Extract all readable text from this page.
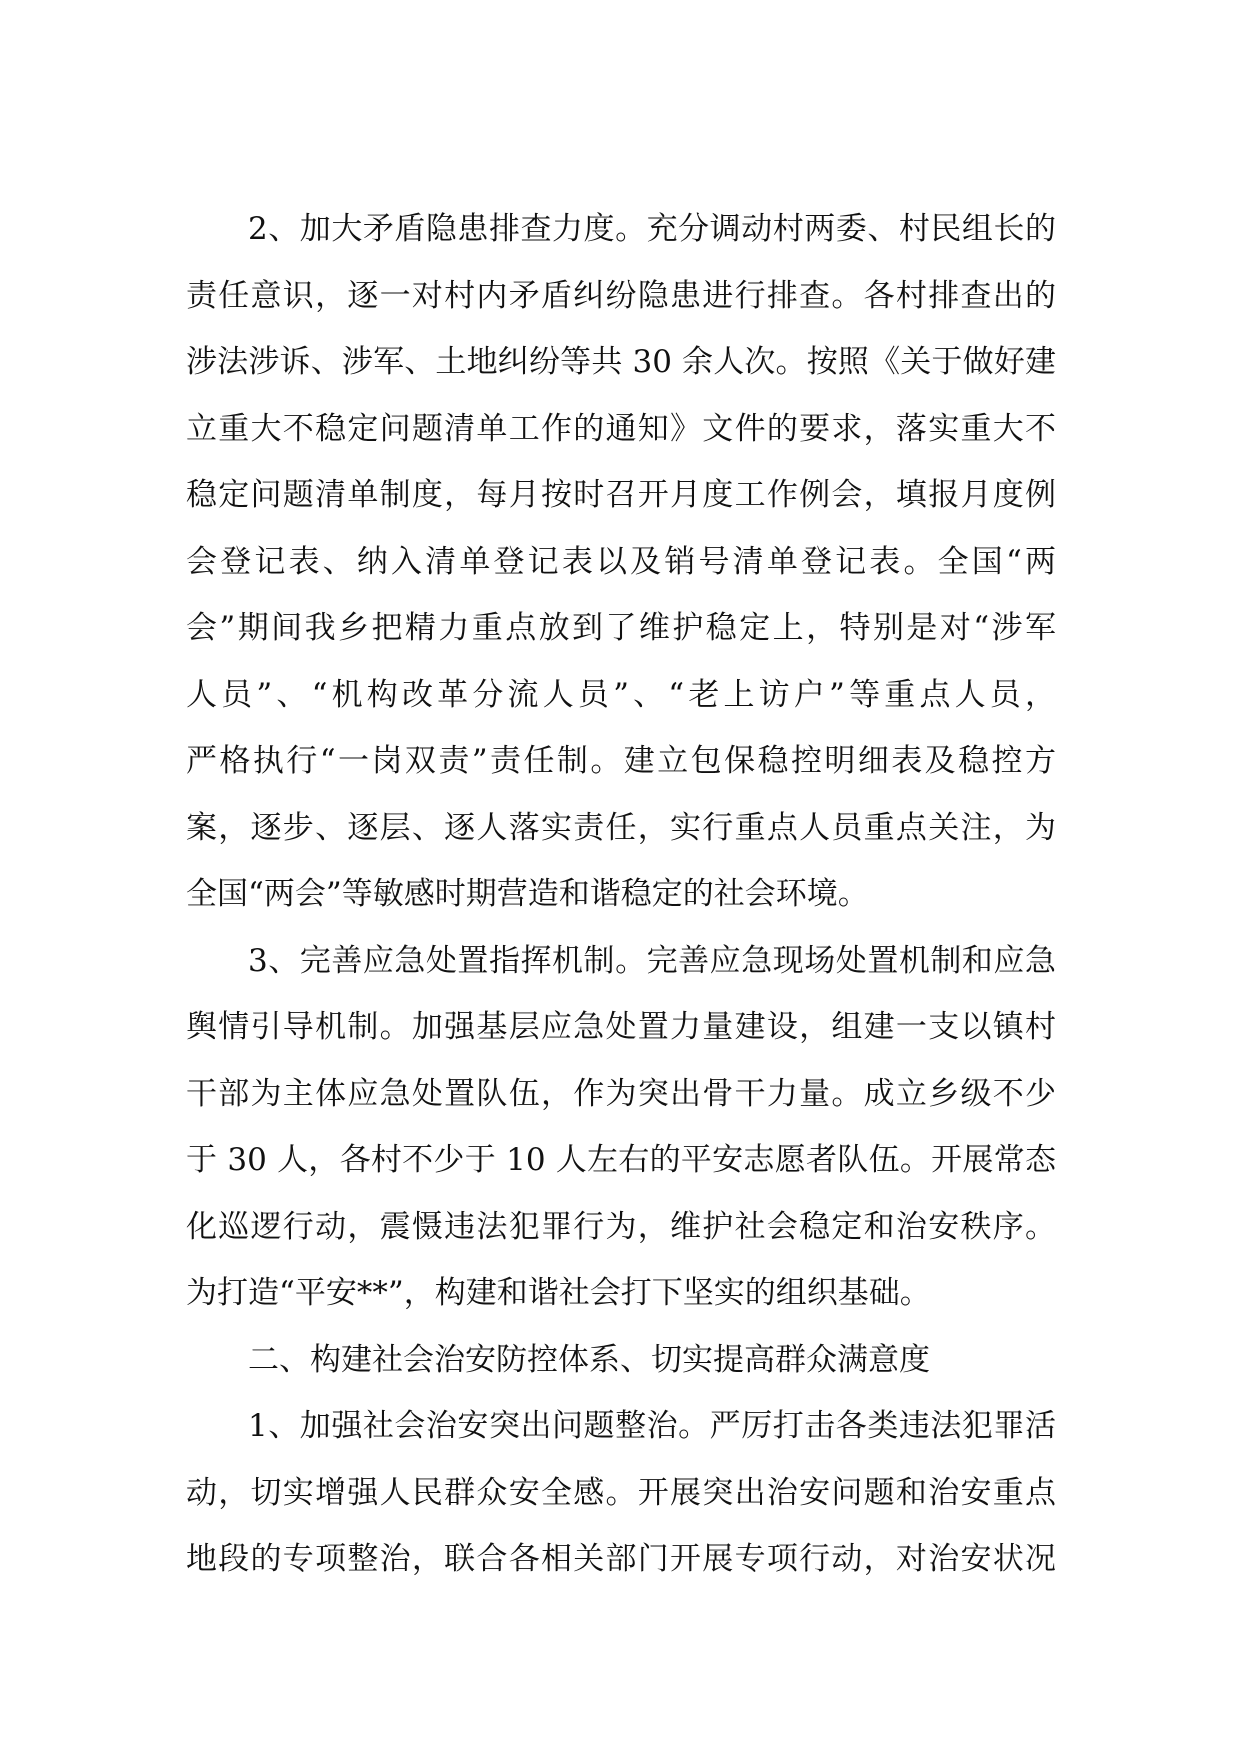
2、加大矛盾隐患排查力度。充分调动村两委、村民组长的
责任意识，逐一对村内矛盾纠纷隐患进行排查。各村排查出的
涉法涉诉、涉军、土地纠纷等共 30 余人次。按照《关于做好建
立重大不稳定问题清单工作的通知》文件的要求，落实重大不
稳定问题清单制度，每月按时召开月度工作例会，填报月度例
会登记表、纳入清单登记表以及销号清单登记表。全国“两
会”期间我乡把精力重点放到了维护稳定上，特别是对“涉军
人员”、“机构改革分流人员”、“老上访户”等重点人员，
严格执行“一岗双责”责任制。建立包保稳控明细表及稳控方
案，逐步、逐层、逐人落实责任，实行重点人员重点关注，为
全国“两会”等敏感时期营造和谐稳定的社会环境。
3、完善应急处置指挥机制。完善应急现场处置机制和应急
舆情引导机制。加强基层应急处置力量建设，组建一支以镇村
干部为主体应急处置队伍，作为突出骨干力量。成立乡级不少
于 30 人，各村不少于 10 人左右的平安志愿者队伍。开展常态
化巡逻行动，震慑违法犯罪行为，维护社会稳定和治安秩序。
为打造“平安**”，构建和谐社会打下坚实的组织基础。
二、构建社会治安防控体系、切实提高群众满意度
1、加强社会治安突出问题整治。严厉打击各类违法犯罪活
动，切实增强人民群众安全感。开展突出治安问题和治安重点
地段的专项整治，联合各相关部门开展专项行动，对治安状况
